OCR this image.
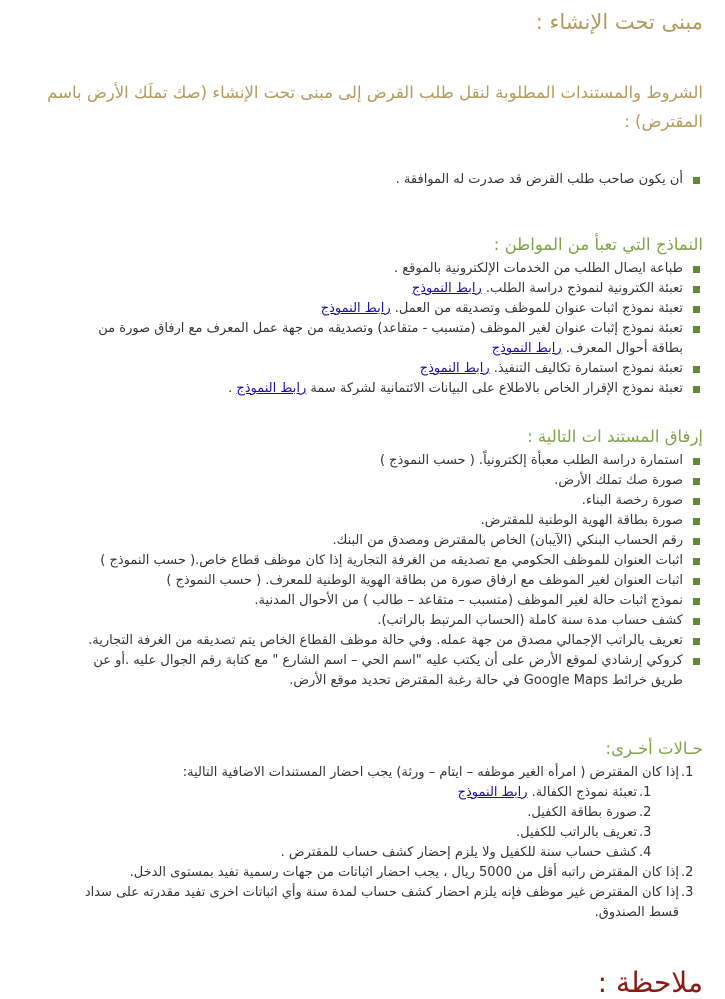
مبنى تحت الإنشاء :
الشروط والمستندات المطلوبة لنقل طلب القرض إلى مبنى تحت الإنشاء (صك تملَك الأرض باسم المقترض) :
أن يكون صاحب طلب القرض قد صدرت له الموافقة .
النماذج التي تعبأ من المواطن :
طباعة ايصال الطلب من الخدمات الإلكترونية بالموقع .
تعبئة الكترونية لنموذج دراسة الطلب. رابط النموذج
تعبئة نموذج اثبات عنوان للموظف وتصديقه من العمل. رابط النموذج
تعبئة نموذج إثبات عنوان لغير الموظف (متسبب - متقاعد) وتصديقه من جهة عمل المعرف مع ارفاق صورة من بطاقة أحوال المعرف. رابط النموذج
تعبئة نموذج استمارة تكاليف التنفيذ. رابط النموذج
تعبئة نموذج الإقرار الخاص بالاطلاع على البيانات الائتمانية لشركة سمة رابط النموذج .
إرفاق المستند ات التالية :
استمارة دراسة الطلب معبأة إلكترونياً. ( حسب النموذج )
صورة صك تملك الأرض.
صورة رخصة البناء.
صورة بطاقة الهوية الوطنية للمقترض.
رقم الحساب البنكي (الآيبان) الخاص بالمقترض ومصدق من البنك.
اثبات العنوان للموظف الحكومي مع تصديقه من الغرفة التجارية إذا كان موظف قطاع خاص.( حسب النموذج )
اثبات العنوان لغير الموظف مع ارفاق صورة من بطاقة الهوية الوطنية للمعرف. ( حسب النموذج )
نموذج اثبات حالة لغير الموظف (متسبب – متقاعد – طالب ) من الأحوال المدنية.
كشف حساب مدة سنة كاملة (الحساب المرتبط بالراتب).
تعريف بالراتب الإجمالي مصدق من جهة عمله. وفي حالة موظف القطاع الخاص يتم تصديقه من الغرفة التجارية.
كروكي إرشادي لموقع الأرض على أن يكتب عليه "اسم الحي – اسم الشارع " مع كتابة رقم الجوال عليه .أو عن طريق خرائط Google Maps في حالة رغبة المقترض تحديد موقع الأرض.
حـالات أخـرى:
1.
إذا كان المقترض ( امرأه الغير موظفه – ايتام – ورثة) يجب احضار المستندات الاضافية التالية:
1.
تعبئة نموذج الكفالة. رابط النموذج
2.
صورة بطاقة الكفيل.
3.
تعريف بالراتب للكفيل.
4.
كشف حساب سنة للكفيل ولا يلزم إحضار كشف حساب للمقترض .
2.
إذا كان المقترض راتبه أقل من 5000 ريال ، يجب احضار اثباتات من جهات رسمية تفيد بمستوى الدخل.
3.
إذا كان المقترض غير موظف فإنه يلزم احضار كشف حساب لمدة سنة وأي اثباتات اخرى تفيد مقدرته على سداد قسط الصندوق.
ملاحظة :
